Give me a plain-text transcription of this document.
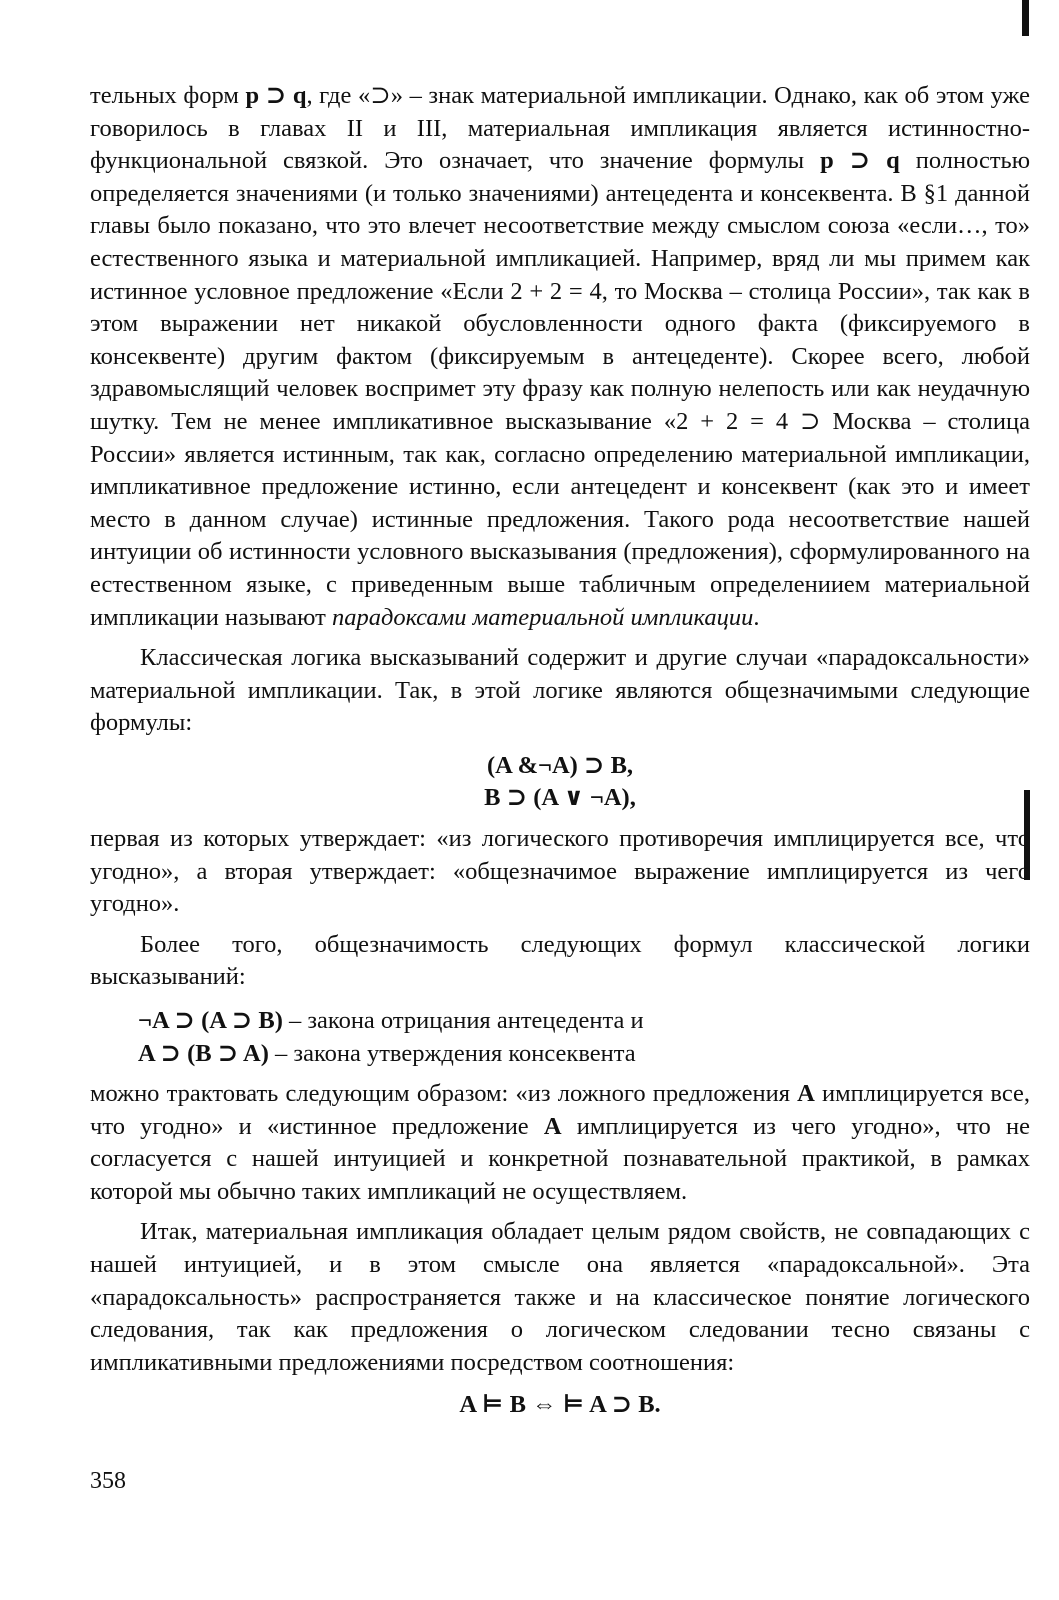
тельных форм p ⊃ q, где «⊃» – знак материальной импликации. Однако, как об этом уже говорилось в главах II и III, материальная импликация является истинностно-функциональной связкой. Это означает, что значение формулы p ⊃ q полностью определяется значениями (и только значениями) антецедента и консеквента. В §1 данной главы было показано, что это влечет несоответствие между смыслом союза «если…, то» естественного языка и материальной импликацией. Например, вряд ли мы примем как истинное условное предложение «Если 2 + 2 = 4, то Москва – столица России», так как в этом выражении нет никакой обусловленности одного факта (фиксируемого в консеквенте) другим фактом (фиксируемым в антецеденте). Скорее всего, любой здравомыслящий человек воспримет эту фразу как полную нелепость или как неудачную шутку. Тем не менее импликативное высказывание «2 + 2 = 4 ⊃ Москва – столица России» является истинным, так как, согласно определению материальной импликации, импликативное предложение истинно, если антецедент и консеквент (как это и имеет место в данном случае) истинные предложения. Такого рода несоответствие нашей интуиции об истинности условного высказывания (предложения), сформулированного на естественном языке, с приведенным выше табличным определениием материальной импликации называют парадоксами материальной импликации.

Классическая логика высказываний содержит и другие случаи «парадоксальности» материальной импликации. Так, в этой логике являются общезначимыми следующие формулы:

(A &¬A) ⊃ B,
B ⊃ (A ∨ ¬A),

первая из которых утверждает: «из логического противоречия имплицируется все, что угодно», а вторая утверждает: «общезначимое выражение имплицируется из чего угодно».

Более того, общезначимость следующих формул классической логики высказываний:

¬A ⊃ (A ⊃ B) – закона отрицания антецедента и
A ⊃ (B ⊃ A) – закона утверждения консеквента

можно трактовать следующим образом: «из ложного предложения A имплицируется все, что угодно» и «истинное предложение A имплицируется из чего угодно», что не согласуется с нашей интуицией и конкретной познавательной практикой, в рамках которой мы обычно таких импликаций не осуществляем.

Итак, материальная импликация обладает целым рядом свойств, не совпадающих с нашей интуицией, и в этом смысле она является «парадоксальной». Эта «парадоксальность» распространяется также и на классическое понятие логического следования, так как предложения о логическом следовании тесно связаны с импликативными предложениями посредством соотношения:

A ⊨ B ⇔ ⊨ A ⊃ B.
358
